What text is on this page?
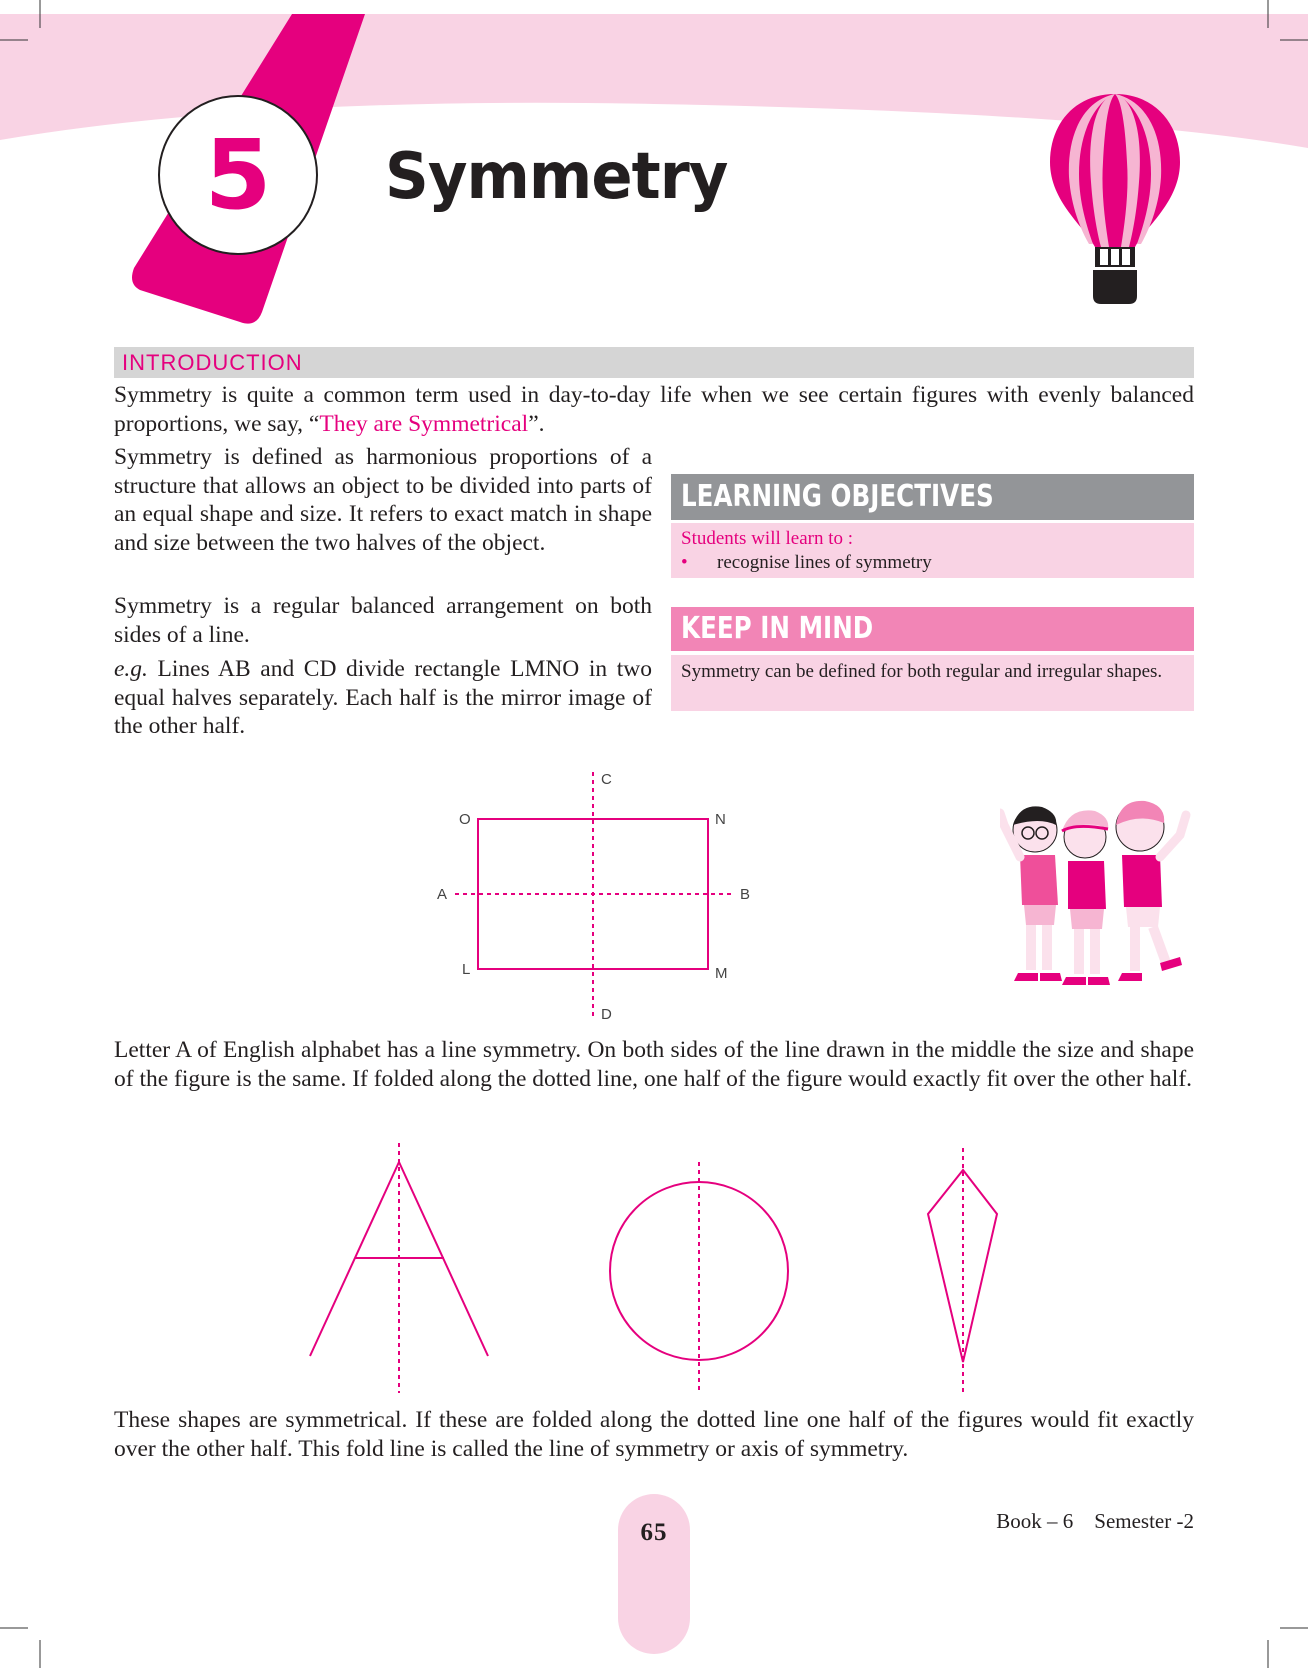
5	Symmetry
INTRODUCTION
Symmetry is quite a common term used in day-to-day life when we see certain figures with evenly balanced proportions, we say, “They are Symmetrical”.
Symmetry is defined as harmonious proportions of a structure that allows an object to be divided into parts of an equal shape and size. It refers to exact match in shape and size between the two halves of the object.
Symmetry is a regular balanced arrangement on both sides of a line.
e.g. Lines AB and CD divide rectangle LMNO in two equal halves separately. Each half is the mirror image of the other half.
LEARNING OBJECTIVES
Students will learn to :
• recognise lines of symmetry
KEEP IN MIND
Symmetry can be defined for both regular and irregular shapes.
C
O	N
A	B
L	M
D
Letter A of English alphabet has a line symmetry. On both sides of the line drawn in the middle the size and shape of the figure is the same. If folded along the dotted line, one half of the figure would exactly fit over the other half.
These shapes are symmetrical. If these are folded along the dotted line one half of the figures would fit exactly over the other half. This fold line is called the line of symmetry or axis of symmetry.
65	Book – 6    Semester -2
